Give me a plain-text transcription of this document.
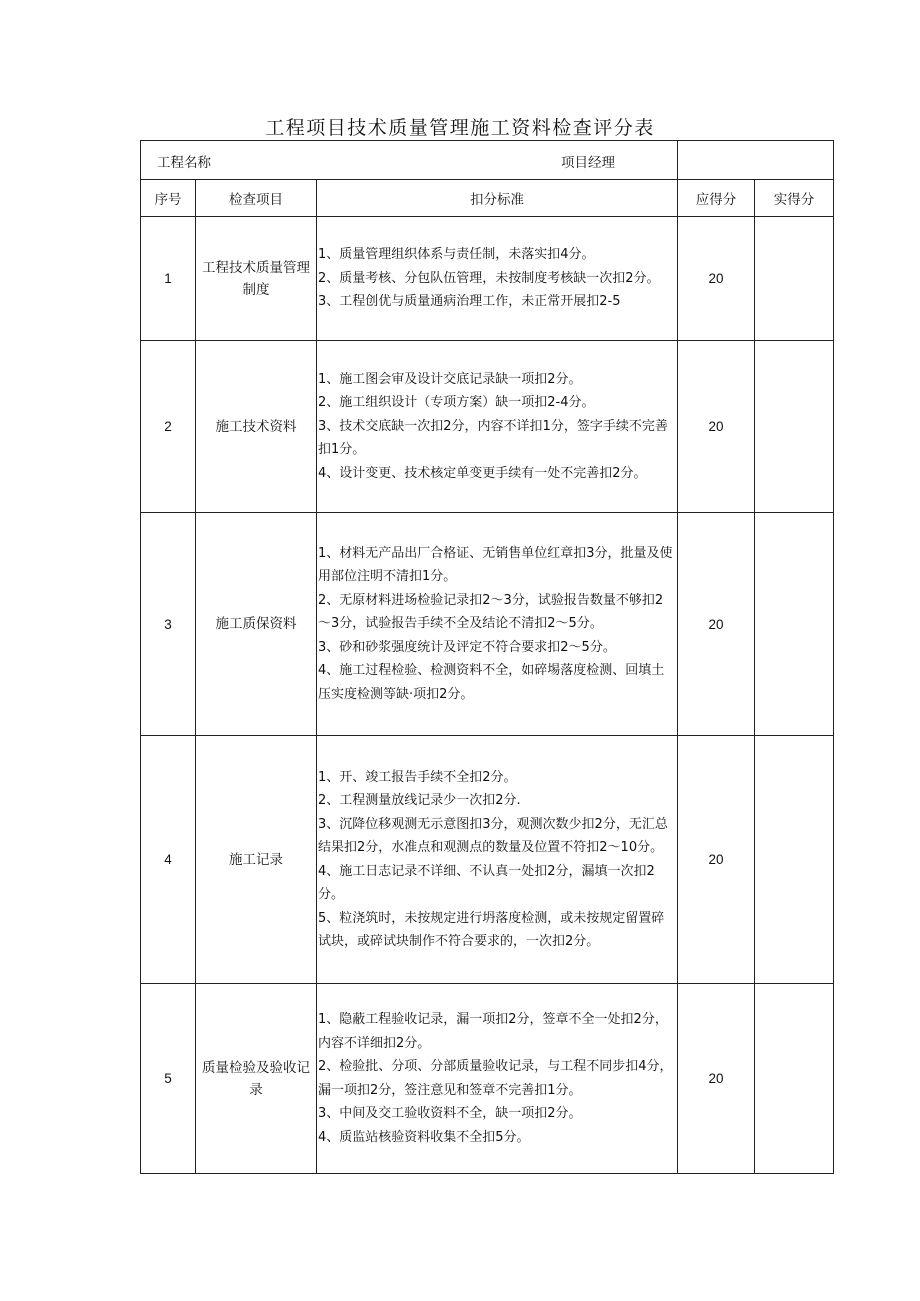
工程项目技术质量管理施工资料检查评分表
工程名称 项目经理				

序号	检查项目	扣分标准	应得分	实得分
1	工程技术质量管理制度	1、质量管理组织体系与责任制，未落实扣4分。
2、质量考核、分包队伍管理，未按制度考核缺一次扣2分。
3、工程创优与质量通病治理工作，未正常开展扣2-5	20	
2	施工技术资料	1、施工图会审及设计交底记录缺一项扣2分。
2、施工组织设计（专项方案）缺一项扣2-4分。
3、技术交底缺一次扣2分，内容不详扣1分，签字手续不完善扣1分。
4、设计变更、技术核定单变更手续有一处不完善扣2分。	20	
3	施工质保资料	1、材料无产品出厂合格证、无销售单位红章扣3分，批量及使用部位注明不清扣1分。
2、无原材料进场检验记录扣2～3分，试验报告数量不够扣2～3分，试验报告手续不全及结论不清扣2～5分。
3、砂和砂浆强度统计及评定不符合要求扣2～5分。
4、施工过程检验、检测资料不全，如碎埸落度检测、回填土压实度检测等缺·项扣2分。	20	
4	施工记录	1、开、竣工报告手续不全扣2分。
2、工程测量放线记录少一次扣2分.
3、沉降位移观测无示意图扣3分，观测次数少扣2分，无汇总结果扣2分，水准点和观测点的数量及位置不符扣2～10分。
4、施工日志记录不详细、不认真一处扣2分，漏填一次扣2分。
5、粒浇筑时，未按规定进行坍落度检测，或未按规定留置碎试块，或碎试块制作不符合要求的，一次扣2分。	20	
5	质量检验及验收记录	1、隐蔽工程验收记录，漏一项扣2分，签章不全一处扣2分，内容不详细扣2分。
2、检验批、分项、分部质量验收记录，与工程不同步扣4分，漏一项扣2分，签注意见和签章不完善扣1分。
3、中间及交工验收资料不全，缺一项扣2分。
4、质监站核验资料收集不全扣5分。	20	
